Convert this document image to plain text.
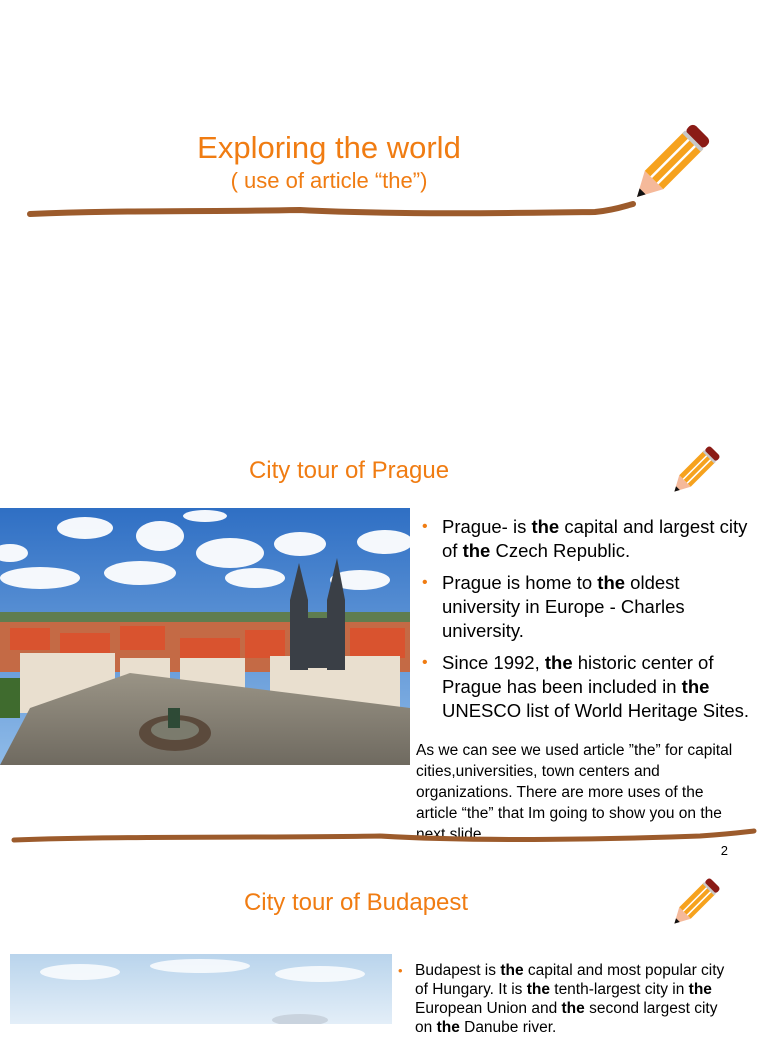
Exploring the world
( use of article “the”)
City tour of Prague
• Prague- is the capital and largest city of the Czech Republic.
• Prague is home to the oldest university in Europe - Charles university.
• Since 1992, the historic center of Prague has been included in the UNESCO list of World Heritage Sites.
As we can see we used article ”the” for capital cities,universities, town centers and organizations. There are more uses of the article “the” that Im going to show you on the next slide.
2
City tour of Budapest
• Budapest is the capital and most popular city of Hungary. It is the tenth-largest city in the European Union and the second largest city on the Danube river.
